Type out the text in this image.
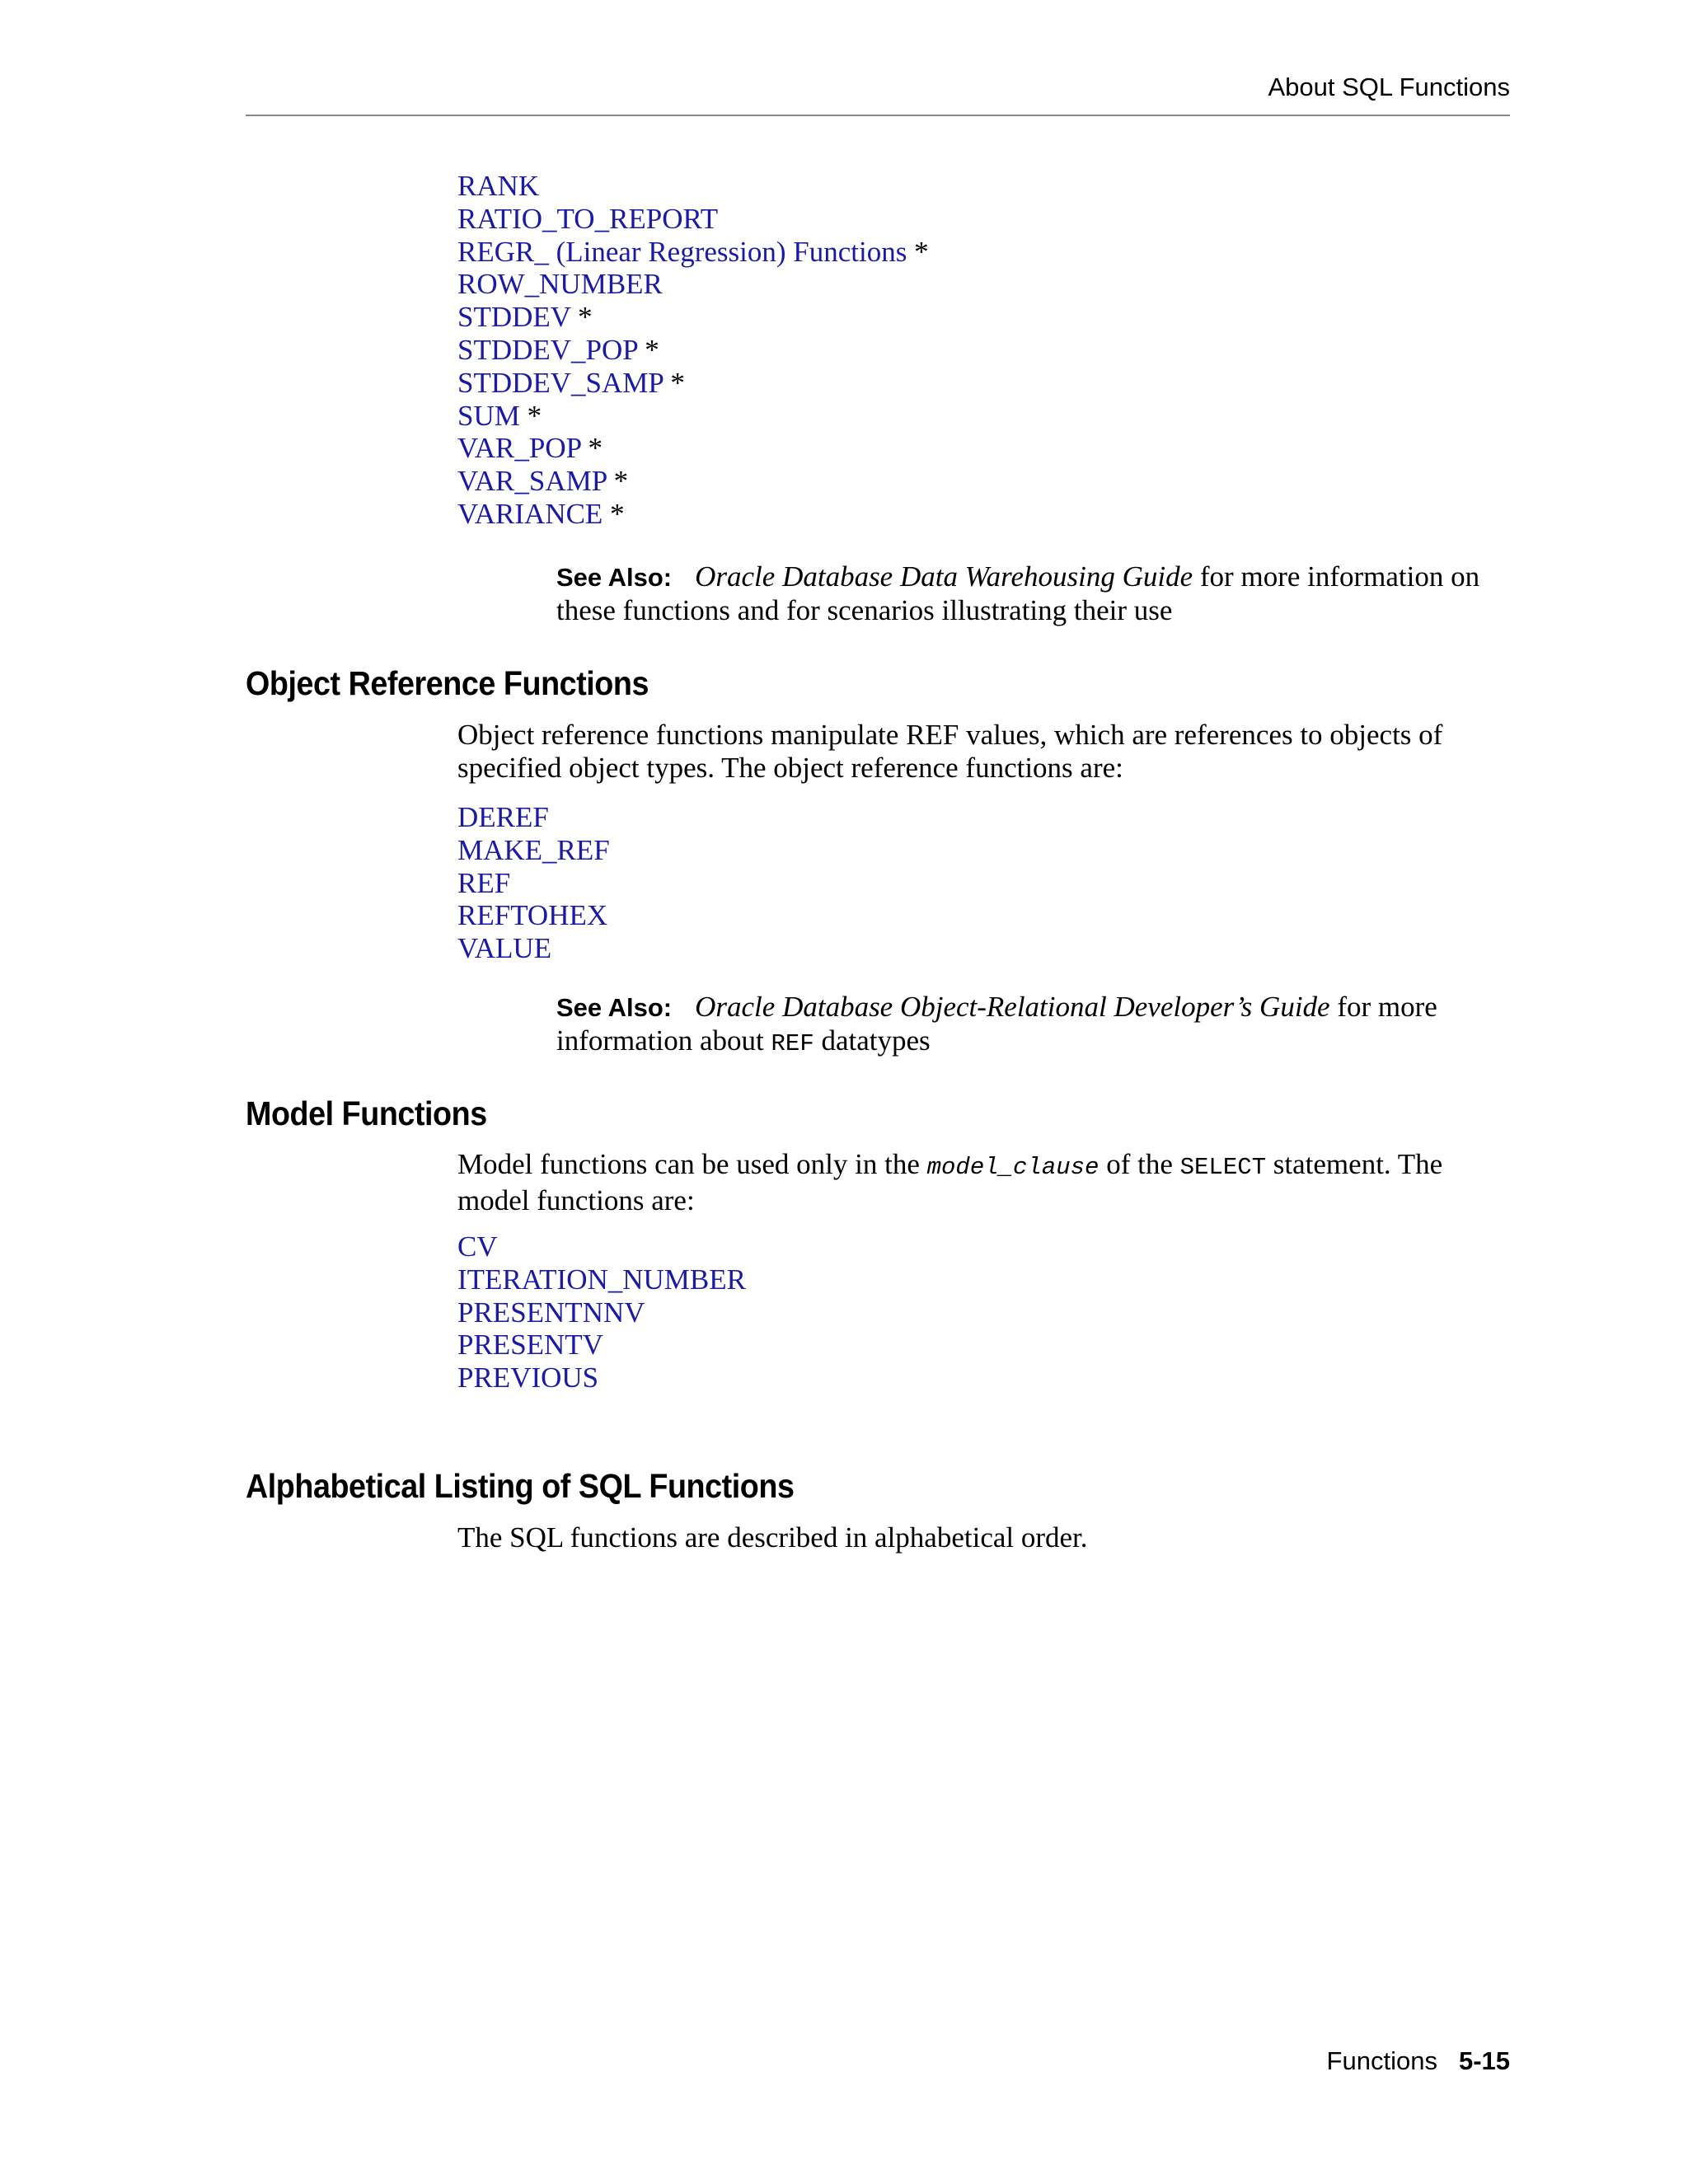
About SQL Functions
RANK
RATIO_TO_REPORT
REGR_ (Linear Regression) Functions *
ROW_NUMBER
STDDEV *
STDDEV_POP *
STDDEV_SAMP *
SUM *
VAR_POP *
VAR_SAMP *
VARIANCE *
See Also: Oracle Database Data Warehousing Guide for more information on these functions and for scenarios illustrating their use
Object Reference Functions
Object reference functions manipulate REF values, which are references to objects of specified object types. The object reference functions are:
DEREF
MAKE_REF
REF
REFTOHEX
VALUE
See Also: Oracle Database Object-Relational Developer’s Guide for more information about REF datatypes
Model Functions
Model functions can be used only in the model_clause of the SELECT statement. The model functions are:
CV
ITERATION_NUMBER
PRESENTNNV
PRESENTV
PREVIOUS
Alphabetical Listing of SQL Functions
The SQL functions are described in alphabetical order.
Functions 5-15
